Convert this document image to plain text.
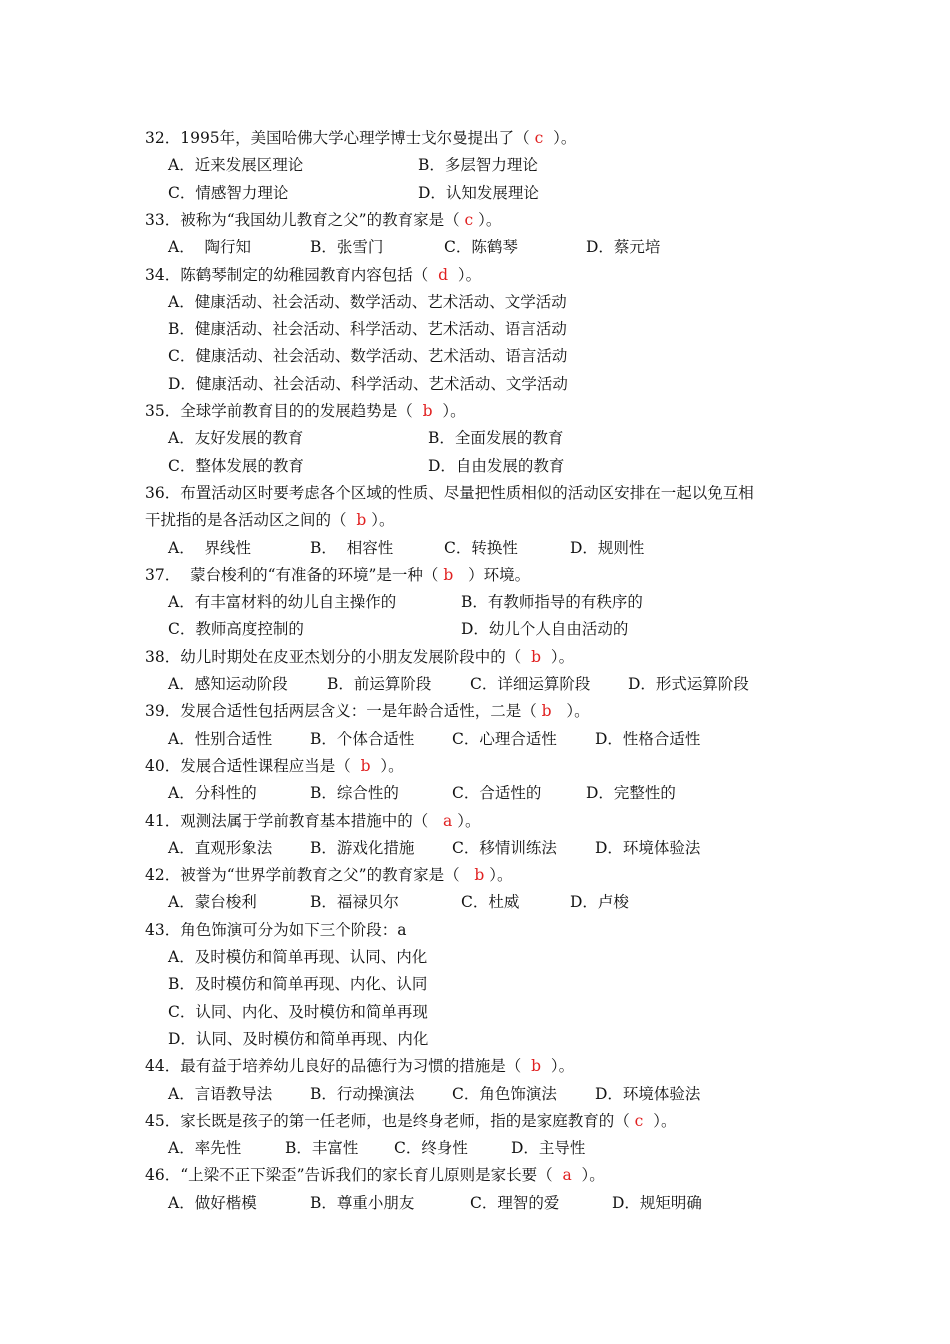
32．1995年，美国哈佛大学心理学博士戈尔曼提出了（ c  ）。
A．近来发展区理论	B．多层智力理论
C．情感智力理论	D．认知发展理论
33．被称为“我国幼儿教育之父”的教育家是（ c ）。
A．  陶行知	B．张雪门	C．陈鹤琴	D．蔡元培
34．陈鹤琴制定的幼稚园教育内容包括（  d  ）。
A．健康活动、社会活动、数学活动、艺术活动、文学活动
B．健康活动、社会活动、科学活动、艺术活动、语言活动
C．健康活动、社会活动、数学活动、艺术活动、语言活动
D．健康活动、社会活动、科学活动、艺术活动、文学活动
35．全球学前教育目的的发展趋势是（  b  ）。
A．友好发展的教育	B．全面发展的教育
C．整体发展的教育	D．自由发展的教育
36．布置活动区时要考虑各个区域的性质、尽量把性质相似的活动区安排在一起以免互相
干扰指的是各活动区之间的（  b ）。
A．  界线性	B．  相容性	C．转换性	D．规则性
37．  蒙台梭利的“有准备的环境”是一种（ b   ）环境。
A．有丰富材料的幼儿自主操作的	B．有教师指导的有秩序的
C．教师高度控制的	D．幼儿个人自由活动的
38．幼儿时期处在皮亚杰划分的小朋友发展阶段中的（  b  ）。
A．感知运动阶段	B．前运算阶段 C．详细运算阶段 D．形式运算阶段
39．发展合适性包括两层含义：一是年龄合适性，二是（ b   ）。
A．性别合适性 B．个体合适性 C．心理合适性 D．性格合适性
40．发展合适性课程应当是（  b  ）。
A．分科性的	B．综合性的	C．合适性的	D．完整性的
41．观测法属于学前教育基本措施中的（   a ）。
A．直观形象法 B．游戏化措施 C．移情训练法 D．环境体验法
42．被誉为“世界学前教育之父”的教育家是（   b ）。
A．蒙台梭利	B．福禄贝尔	C．杜威	D．卢梭
43．角色饰演可分为如下三个阶段：a
A．及时模仿和简单再现、认同、内化
B．及时模仿和简单再现、内化、认同
C．认同、内化、及时模仿和简单再现
D．认同、及时模仿和简单再现、内化
44．最有益于培养幼儿良好的品德行为习惯的措施是（  b  ）。
A．言语教导法 B．行动操演法 C．角色饰演法 D．环境体验法
45．家长既是孩子的第一任老师，也是终身老师，指的是家庭教育的（ c  ）。
A．率先性	B．丰富性 C．终身性	D．主导性
46．“上梁不正下梁歪”告诉我们的家长育儿原则是家长要（  a  ）。
A．做好楷模	B．尊重小朋友	C．理智的爱	D．规矩明确
